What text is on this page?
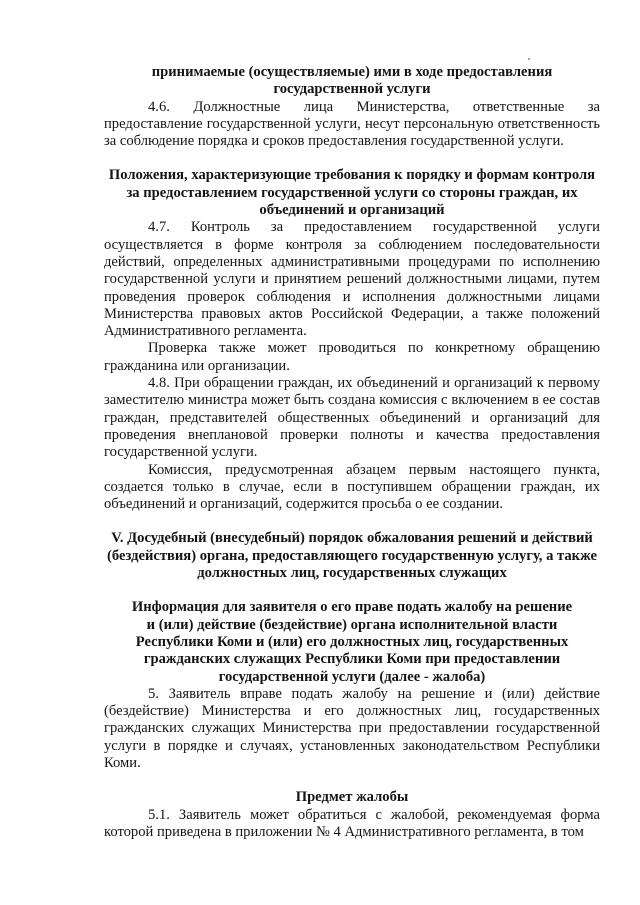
принимаемые (осуществляемые) ими в ходе предоставления государственной услуги

4.6. Должностные лица Министерства, ответственные за предоставление государственной услуги, несут персональную ответственность за соблюдение порядка и сроков предоставления государственной услуги.

Положения, характеризующие требования к порядку и формам контроля за предоставлением государственной услуги со стороны граждан, их объединений и организаций

4.7. Контроль за предоставлением государственной услуги осуществляется в форме контроля за соблюдением последовательности действий, определенных административными процедурами по исполнению государственной услуги и принятием решений должностными лицами, путем проведения проверок соблюдения и исполнения должностными лицами Министерства правовых актов Российской Федерации, а также положений Административного регламента.

Проверка также может проводиться по конкретному обращению гражданина или организации.

4.8. При обращении граждан, их объединений и организаций к первому заместителю министра может быть создана комиссия с включением в ее состав граждан, представителей общественных объединений и организаций для проведения внеплановой проверки полноты и качества предоставления государственной услуги.

Комиссия, предусмотренная абзацем первым настоящего пункта, создается только в случае, если в поступившем обращении граждан, их объединений и организаций, содержится просьба о ее создании.

V. Досудебный (внесудебный) порядок обжалования решений и действий (бездействия) органа, предоставляющего государственную услугу, а также должностных лиц, государственных служащих

Информация для заявителя о его праве подать жалобу на решение и (или) действие (бездействие) органа исполнительной власти Республики Коми и (или) его должностных лиц, государственных гражданских служащих Республики Коми при предоставлении государственной услуги (далее - жалоба)

5. Заявитель вправе подать жалобу на решение и (или) действие (бездействие) Министерства и его должностных лиц, государственных гражданских служащих Министерства при предоставлении государственной услуги в порядке и случаях, установленных законодательством Республики Коми.

Предмет жалобы

5.1. Заявитель может обратиться с жалобой, рекомендуемая форма которой приведена в приложении № 4 Административного регламента, в том
